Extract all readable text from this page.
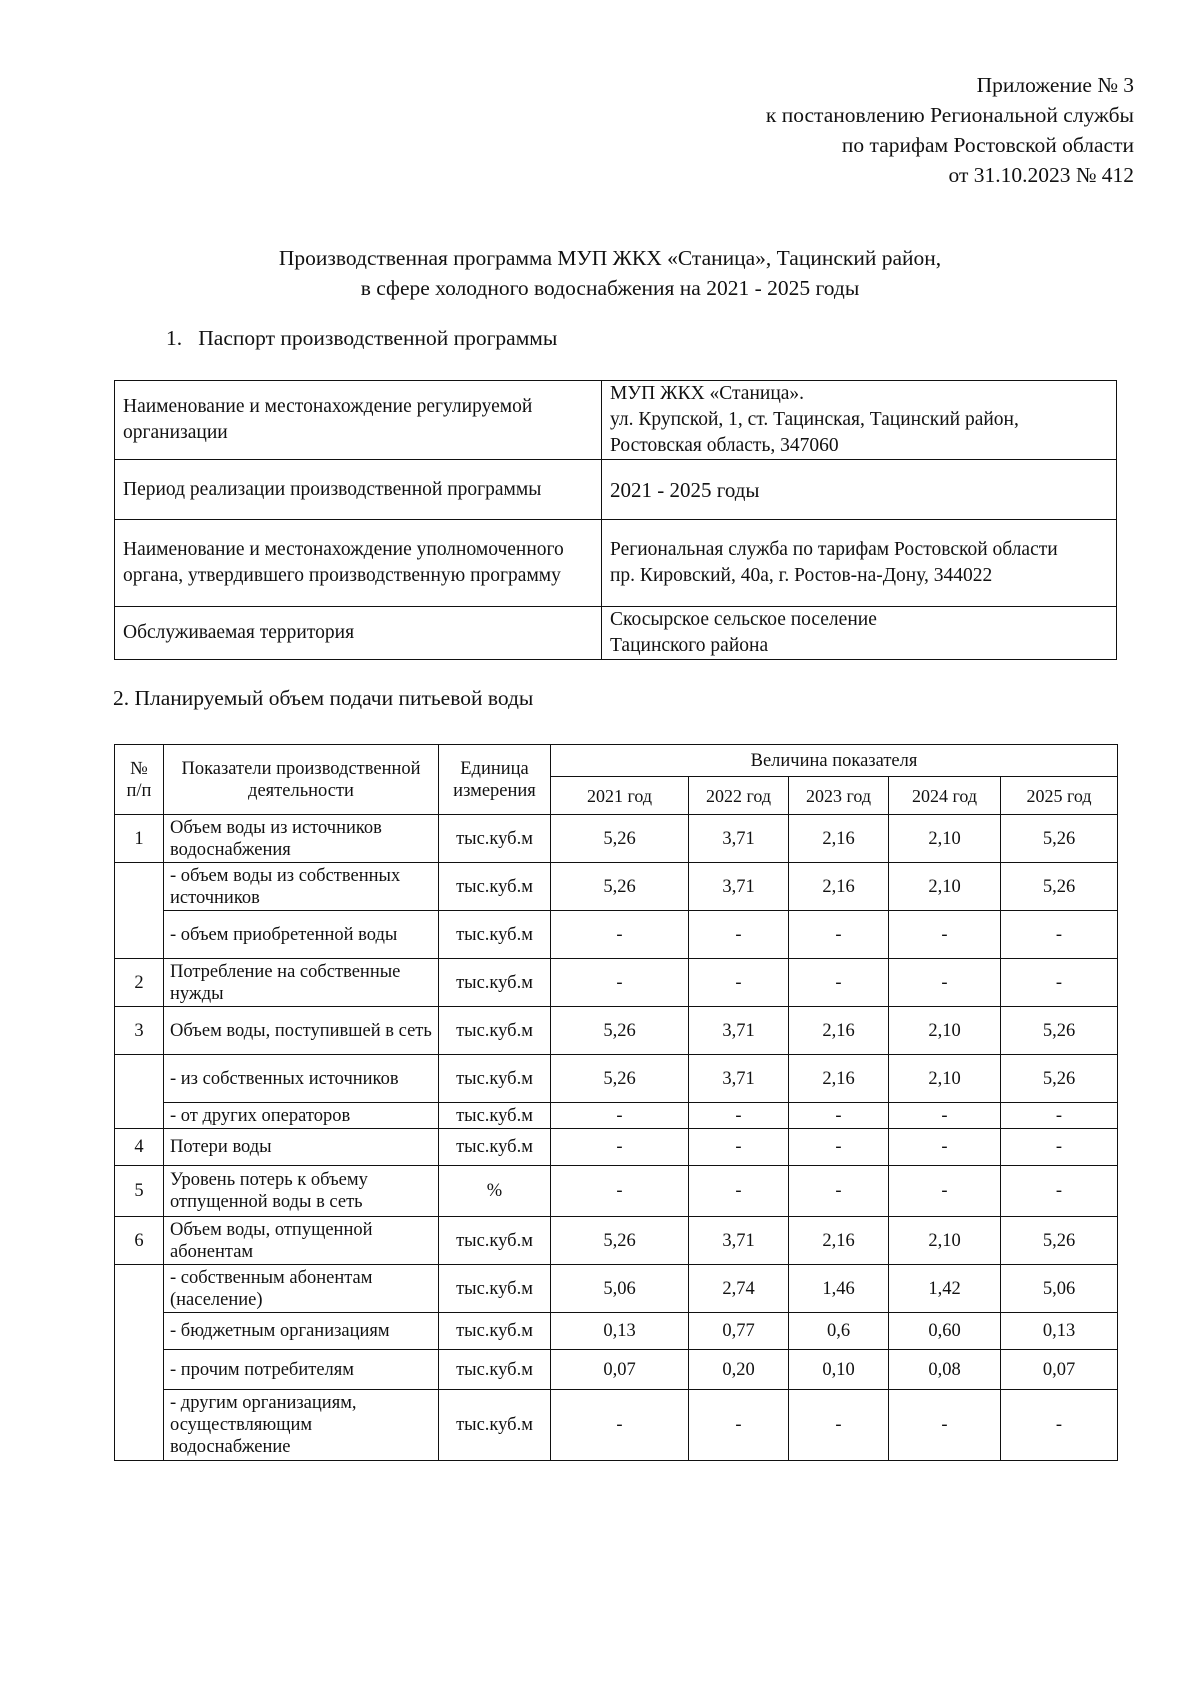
Приложение № 3
к постановлению Региональной службы
по тарифам Ростовской области
от 31.10.2023 № 412
Производственная программа МУП ЖКХ «Станица», Тацинский район,
в сфере холодного водоснабжения на 2021 - 2025 годы
1.   Паспорт производственной программы
Наименование и местонахождение регулируемой организации	МУП ЖКХ «Станица».
ул. Крупской, 1, ст. Тацинская, Тацинский район,
Ростовская область, 347060

Период реализации производственной программы	2021 - 2025 годы

Наименование и местонахождение уполномоченного органа, утвердившего производственную программу	Региональная служба по тарифам Ростовской области
пр. Кировский, 40а, г. Ростов-на-Дону, 344022

Обслуживаемая территория	Скосырское сельское поселение
Тацинского района
2. Планируемый объем подачи питьевой воды
№ п/п	Показатели производственной деятельности	Единица измерения	Величина показателя				
			2021 год	2022 год	2023 год	2024 год	2025 год
1	Объем воды из источников водоснабжения	тыс.куб.м	5,26	3,71	2,16	2,10	5,26
	- объем воды из собственных источников	тыс.куб.м	5,26	3,71	2,16	2,10	5,26
	- объем приобретенной воды	тыс.куб.м	-	-	-	-	-
2	Потребление на собственные нужды	тыс.куб.м	-	-	-	-	-
3	Объем воды, поступившей в сеть	тыс.куб.м	5,26	3,71	2,16	2,10	5,26
	- из собственных источников	тыс.куб.м	5,26	3,71	2,16	2,10	5,26
	- от других операторов	тыс.куб.м	-	-	-	-	-
4	Потери воды	тыс.куб.м	-	-	-	-	-
5	Уровень потерь к объему отпущенной воды в сеть	%	-	-	-	-	-
6	Объем воды, отпущенной абонентам	тыс.куб.м	5,26	3,71	2,16	2,10	5,26
	- собственным абонентам (население)	тыс.куб.м	5,06	2,74	1,46	1,42	5,06
	- бюджетным организациям	тыс.куб.м	0,13	0,77	0,6	0,60	0,13
	- прочим потребителям	тыс.куб.м	0,07	0,20	0,10	0,08	0,07
	- другим организациям, осуществляющим водоснабжение	тыс.куб.м	-	-	-	-	-
